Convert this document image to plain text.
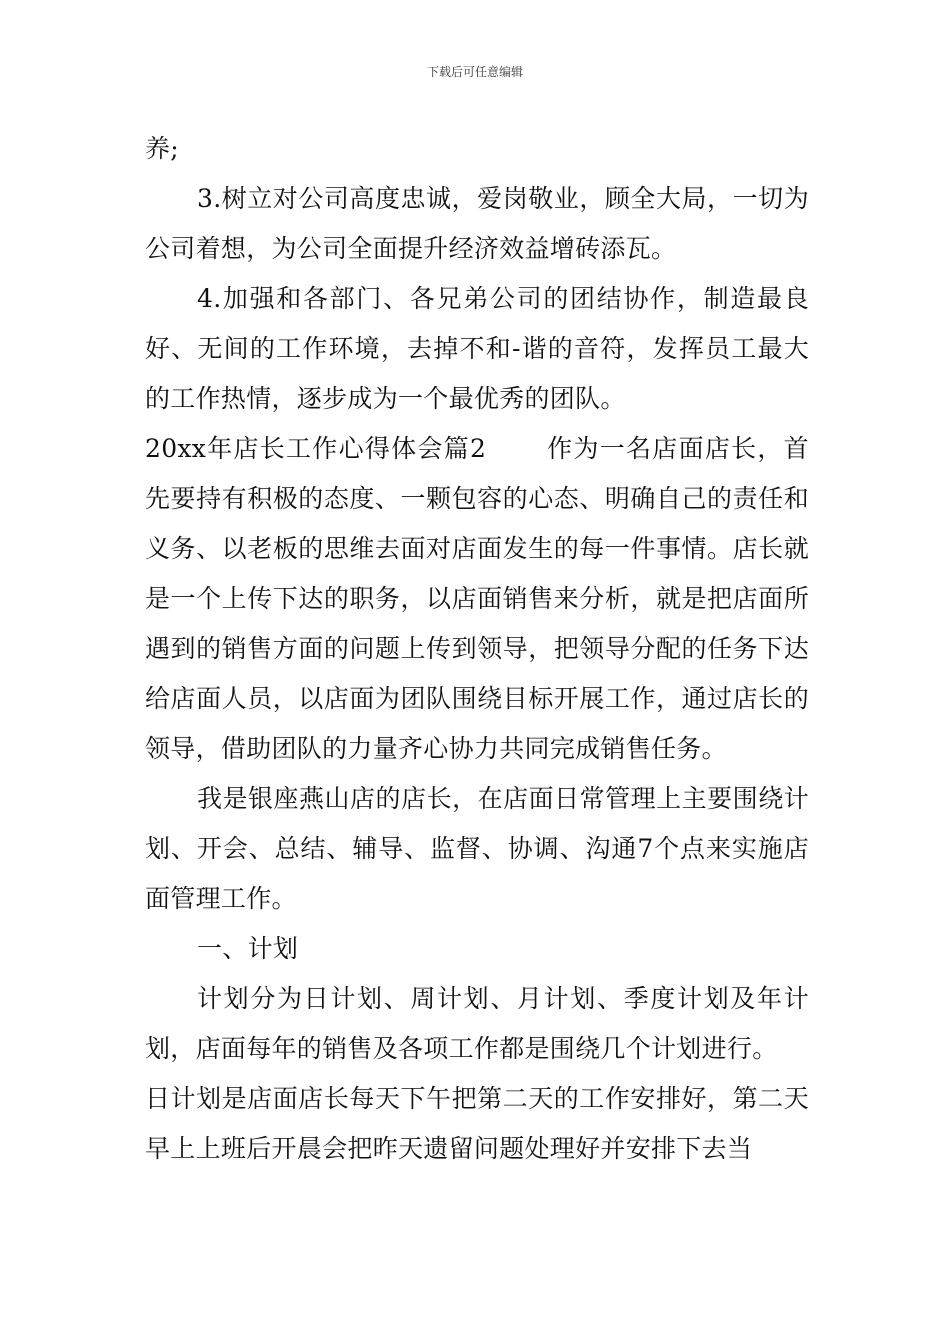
下载后可任意编辑

养;

3.树立对公司高度忠诚，爱岗敬业，顾全大局，一切为公司着想，为公司全面提升经济效益增砖添瓦。

4.加强和各部门、各兄弟公司的团结协作，制造最良好、无间的工作环境，去掉不和-谐的音符，发挥员工最大的工作热情，逐步成为一个最优秀的团队。

20xx年店长工作心得体会篇2 作为一名店面店长，首先要持有积极的态度、一颗包容的心态、明确自己的责任和义务、以老板的思维去面对店面发生的每一件事情。店长就是一个上传下达的职务，以店面销售来分析，就是把店面所遇到的销售方面的问题上传到领导，把领导分配的任务下达给店面人员，以店面为团队围绕目标开展工作，通过店长的领导，借助团队的力量齐心协力共同完成销售任务。

我是银座燕山店的店长，在店面日常管理上主要围绕计划、开会、总结、辅导、监督、协调、沟通7个点来实施店面管理工作。

一、计划

计划分为日计划、周计划、月计划、季度计划及年计划，店面每年的销售及各项工作都是围绕几个计划进行。

日计划是店面店长每天下午把第二天的工作安排好，第二天早上上班后开晨会把昨天遗留问题处理好并安排下去当
